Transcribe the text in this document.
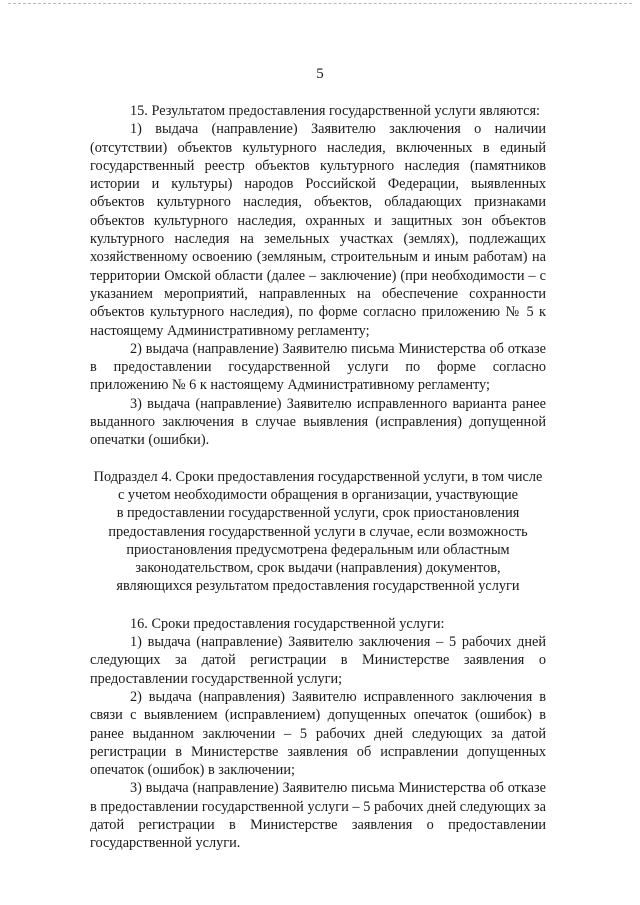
5

15. Результатом предоставления государственной услуги являются:

1) выдача (направление) Заявителю заключения о наличии (отсутствии) объектов культурного наследия, включенных в единый государственный реестр объектов культурного наследия (памятников истории и культуры) народов Российской Федерации, выявленных объектов культурного наследия, объектов, обладающих признаками объектов культурного наследия, охранных и защитных зон объектов культурного наследия на земельных участках (землях), подлежащих хозяйственному освоению (земляным, строительным и иным работам) на территории Омской области (далее – заключение) (при необходимости – с указанием мероприятий, направленных на обеспечение сохранности объектов культурного наследия), по форме согласно приложению № 5 к настоящему Административному регламенту;

2) выдача (направление) Заявителю письма Министерства об отказе в предоставлении государственной услуги по форме согласно приложению № 6 к настоящему Административному регламенту;

3) выдача (направление) Заявителю исправленного варианта ранее выданного заключения в случае выявления (исправления) допущенной опечатки (ошибки).

Подраздел 4. Сроки предоставления государственной услуги, в том числе
с учетом необходимости обращения в организации, участвующие
в предоставлении государственной услуги, срок приостановления
предоставления государственной услуги в случае, если возможность
приостановления предусмотрена федеральным или областным
законодательством, срок выдачи (направления) документов,
являющихся результатом предоставления государственной услуги

16. Сроки предоставления государственной услуги:

1) выдача (направление) Заявителю заключения – 5 рабочих дней следующих за датой регистрации в Министерстве заявления о предоставлении государственной услуги;

2) выдача (направления) Заявителю исправленного заключения в связи с выявлением (исправлением) допущенных опечаток (ошибок) в ранее выданном заключении – 5 рабочих дней следующих за датой регистрации в Министерстве заявления об исправлении допущенных опечаток (ошибок) в заключении;

3) выдача (направление) Заявителю письма Министерства об отказе в предоставлении государственной услуги – 5 рабочих дней следующих за датой регистрации в Министерстве заявления о предоставлении государственной услуги.
